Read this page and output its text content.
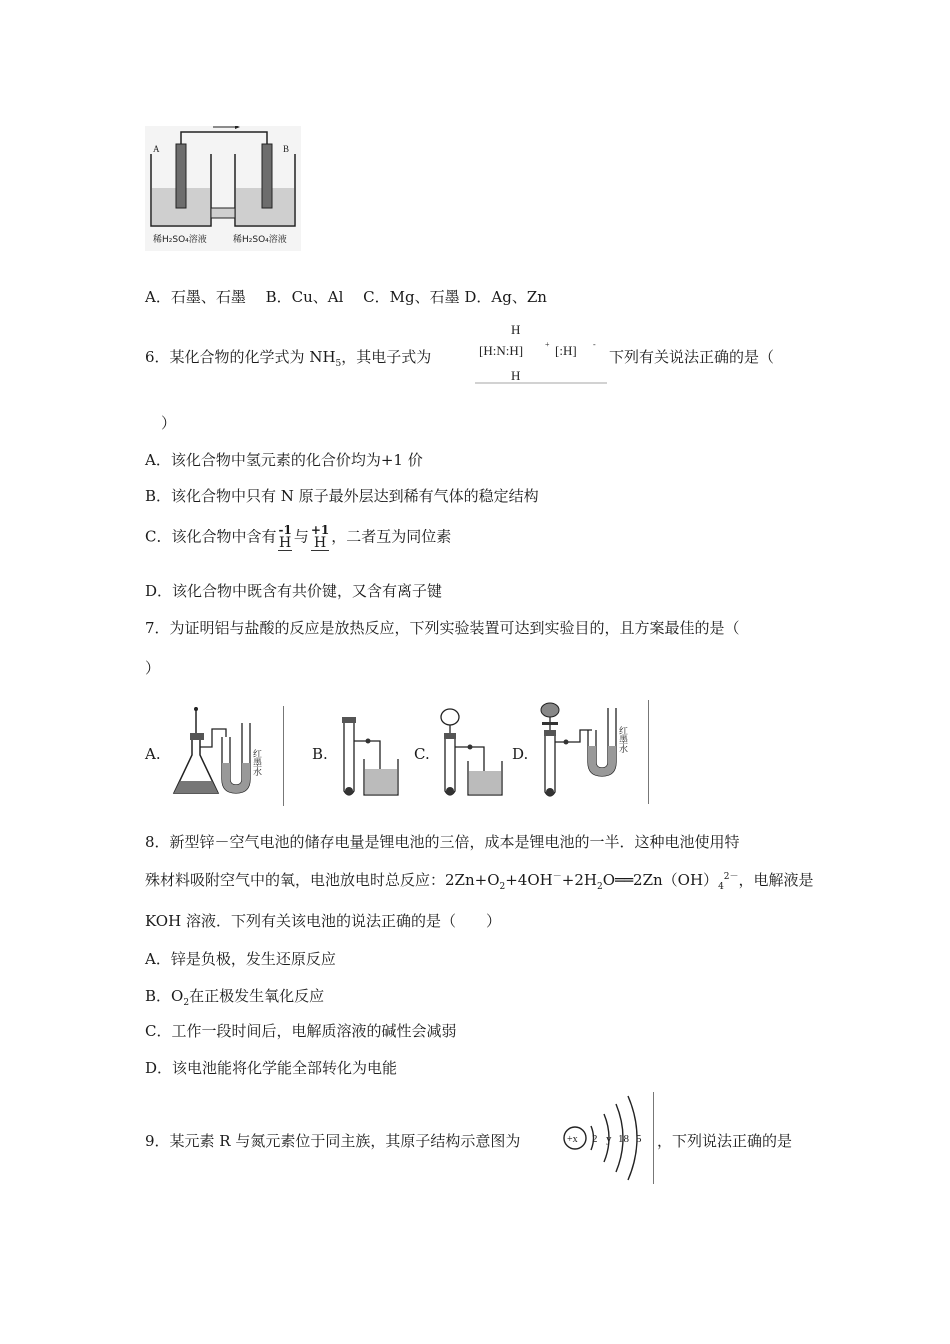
A	B
稀H₂SO₄溶液	稀H₂SO₄溶液
A．石墨、石墨　 B．Cu、Al　 C．Mg、石墨 D．Ag、Zn
6．某化合物的化学式为 $NH_5$，其电子式为
H
[H:N:H]	+ [:H] -
H
下列有关说法正确的是（
）
A．该化合物中氢元素的化合价均为+1 价
B．该化合物中只有 N 原子最外层达到稀有气体的稳定结构
C．该化合物中含有 -1
H 与 +1
H ，二者互为同位素
D．该化合物中既含有共价键，又含有离子键
7．为证明铝与盐酸的反应是放热反应，下列实验装置可达到实验目的，且方案最佳的是（
）
A.	红墨水	B.	C.	D.
红墨水
8．新型锌－空气电池的储存电量是锂电池的三倍，成本是锂电池的一半．这种电池使用特
殊材料吸附空气中的氧，电池放电时总反应：$2Zn+O_2+4OH^-+2H_2O══2Zn(OH)_4^{2-}$，电解液是
KOH 溶液．下列有关该电池的说法正确的是（　　）
A．锌是负极，发生还原反应
B．$O_2$在正极发生氧化反应
C．工作一段时间后，电解质溶液的碱性会减弱
D．该电池能将化学能全部转化为电能
9．某元素 R 与氮元素位于同主族，其原子结构示意图为	+x 2 y 18 5 ，下列说法正确的是
